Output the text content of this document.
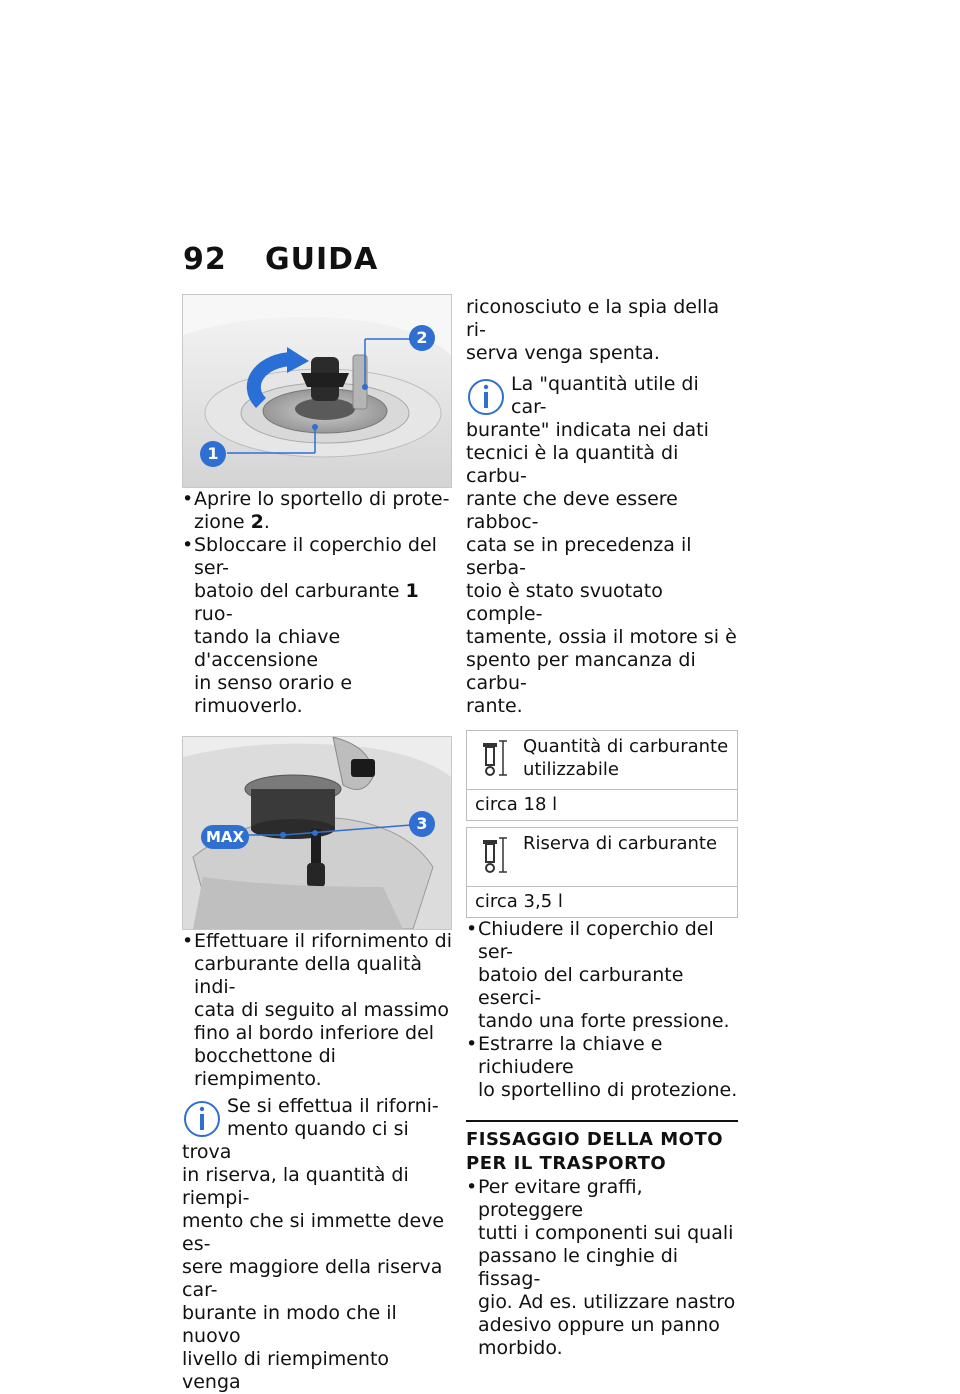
92 GUIDA
1
2
• Aprire lo sportello di prote-
zione 2.
• Sbloccare il coperchio del ser-
batoio del carburante 1 ruo-
tando la chiave d'accensione
in senso orario e rimuoverlo.
MAX
3
• Effettuare il rifornimento di
carburante della qualità indi-
cata di seguito al massimo
fino al bordo inferiore del
bocchettone di riempimento.
Se si effettua il riforni-
mento quando ci si trova
in riserva, la quantità di riempi-
mento che si immette deve es-
sere maggiore della riserva car-
burante in modo che il nuovo
livello di riempimento venga
riconosciuto e la spia della ri-
serva venga spenta.
La "quantità utile di car-
burante" indicata nei dati
tecnici è la quantità di carbu-
rante che deve essere rabboc-
cata se in precedenza il serba-
toio è stato svuotato comple-
tamente, ossia il motore si è
spento per mancanza di carbu-
rante.
Quantità di carburante
utilizzabile
circa 18 l
Riserva di carburante
circa 3,5 l
• Chiudere il coperchio del ser-
batoio del carburante eserci-
tando una forte pressione.
• Estrarre la chiave e richiudere
lo sportellino di protezione.
FISSAGGIO DELLA MOTO
PER IL TRASPORTO
• Per evitare graffi, proteggere
tutti i componenti sui quali
passano le cinghie di fissag-
gio. Ad es. utilizzare nastro
adesivo oppure un panno
morbido.
